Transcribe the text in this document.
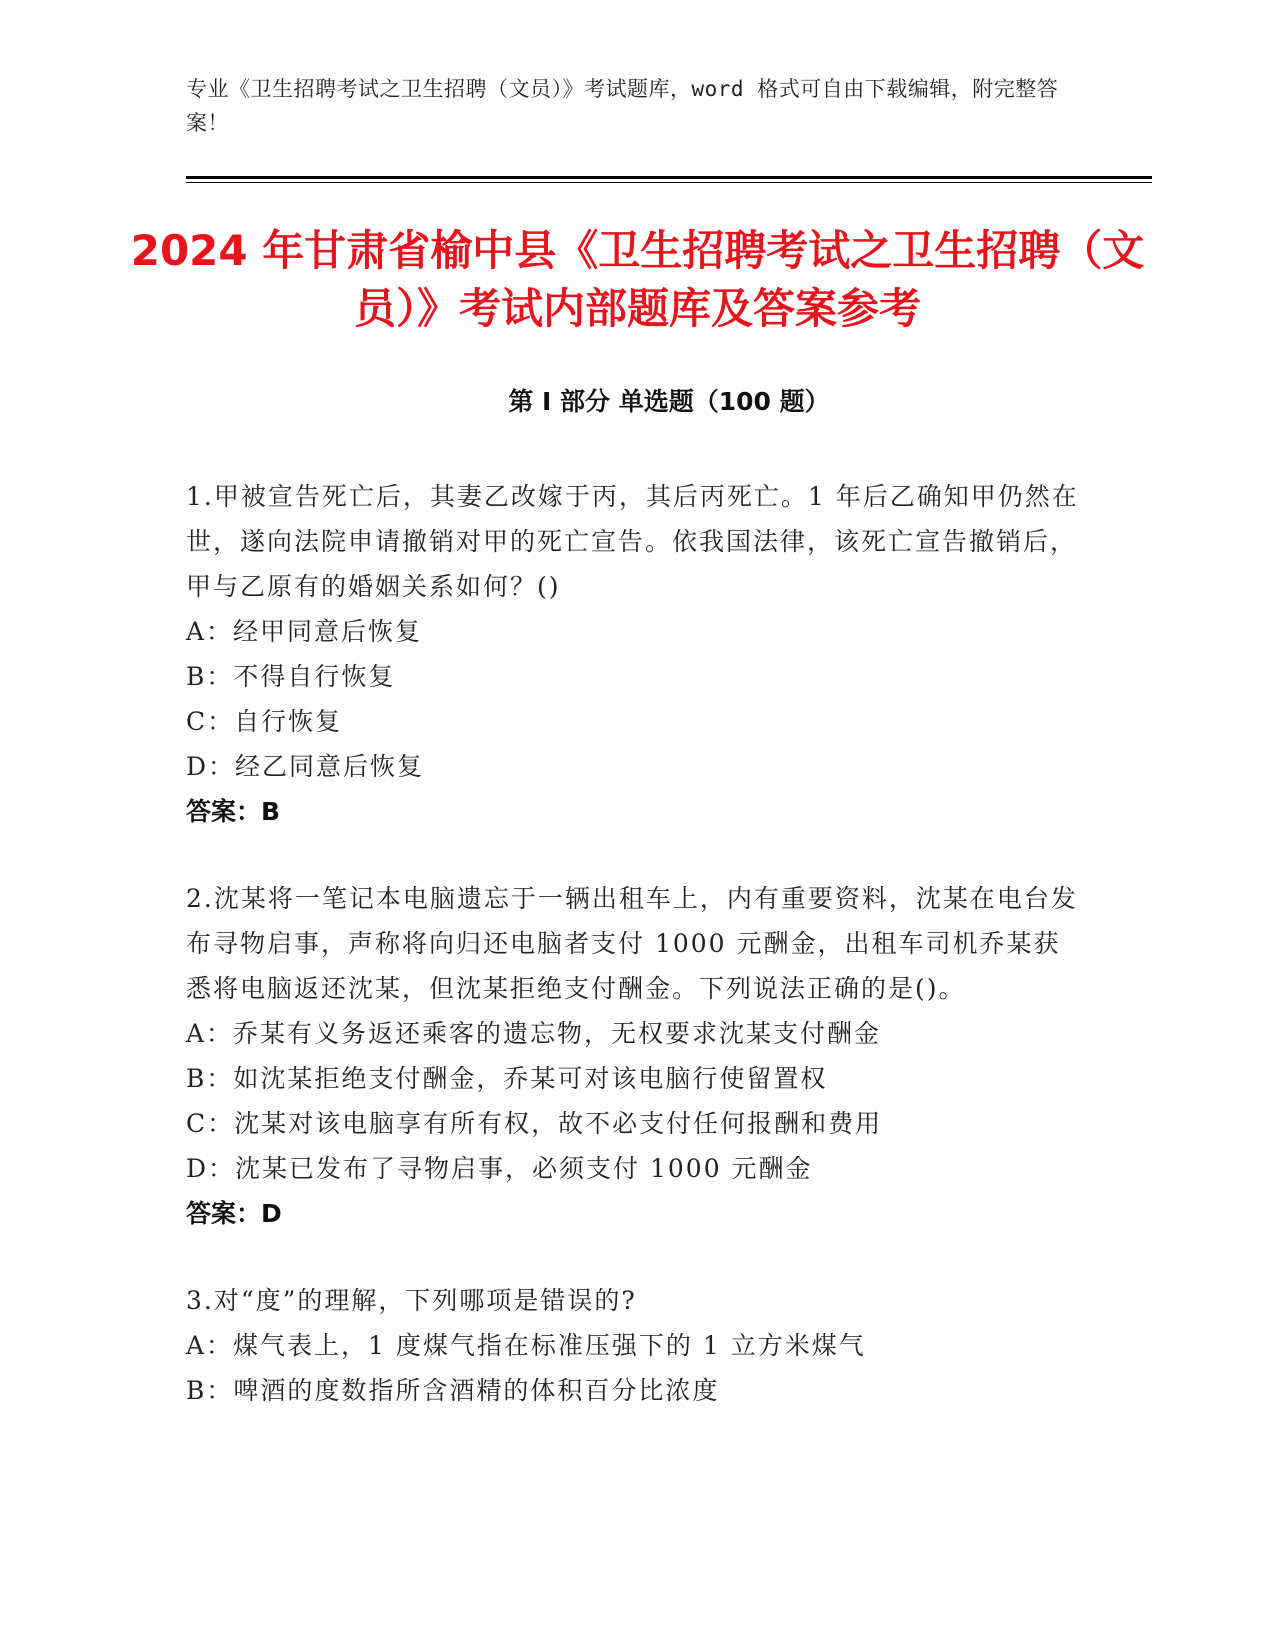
专业《卫生招聘考试之卫生招聘（文员）》考试题库，word 格式可自由下载编辑，附完整答案！
2024 年甘肃省榆中县《卫生招聘考试之卫生招聘（文员）》考试内部题库及答案参考
第 I 部分 单选题（100 题）
1.甲被宣告死亡后，其妻乙改嫁于丙，其后丙死亡。1 年后乙确知甲仍然在世，遂向法院申请撤销对甲的死亡宣告。依我国法律，该死亡宣告撤销后，甲与乙原有的婚姻关系如何？()
A：经甲同意后恢复
B：不得自行恢复
C：自行恢复
D：经乙同意后恢复
答案：B
2.沈某将一笔记本电脑遗忘于一辆出租车上，内有重要资料，沈某在电台发布寻物启事，声称将向归还电脑者支付 1000 元酬金，出租车司机乔某获悉将电脑返还沈某，但沈某拒绝支付酬金。下列说法正确的是()。
A：乔某有义务返还乘客的遗忘物，无权要求沈某支付酬金
B：如沈某拒绝支付酬金，乔某可对该电脑行使留置权
C：沈某对该电脑享有所有权，故不必支付任何报酬和费用
D：沈某已发布了寻物启事，必须支付 1000 元酬金
答案：D
3.对“度”的理解，下列哪项是错误的?
A：煤气表上，1 度煤气指在标准压强下的 1 立方米煤气
B：啤酒的度数指所含酒精的体积百分比浓度
